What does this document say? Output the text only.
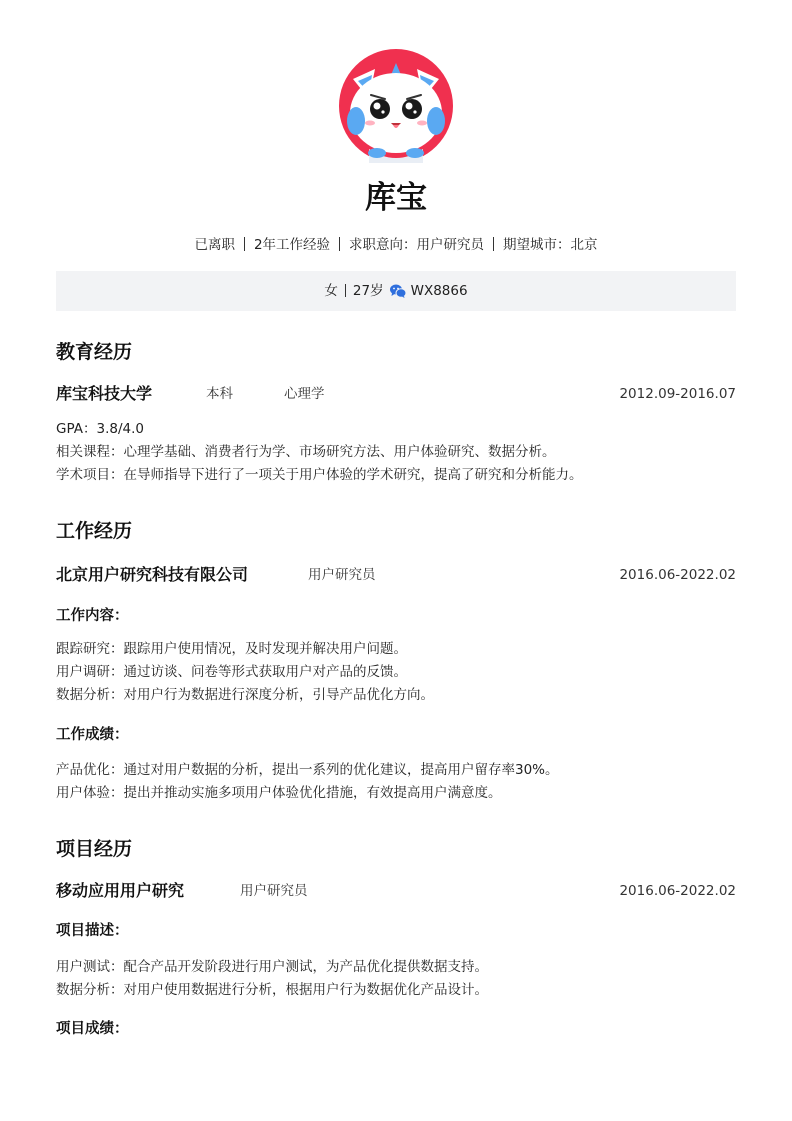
库宝
已离职 2年工作经验 求职意向：用户研究员 期望城市：北京
女 27岁 WX8866
教育经历
库宝科技大学	本科	心理学	2012.09-2016.07
GPA：3.8/4.0
相关课程：心理学基础、消费者行为学、市场研究方法、用户体验研究、数据分析。
学术项目：在导师指导下进行了一项关于用户体验的学术研究，提高了研究和分析能力。
工作经历
北京用户研究科技有限公司	用户研究员	2016.06-2022.02
工作内容：
跟踪研究：跟踪用户使用情况，及时发现并解决用户问题。
用户调研：通过访谈、问卷等形式获取用户对产品的反馈。
数据分析：对用户行为数据进行深度分析，引导产品优化方向。
工作成绩：
产品优化：通过对用户数据的分析，提出一系列的优化建议，提高用户留存率30%。
用户体验：提出并推动实施多项用户体验优化措施，有效提高用户满意度。
项目经历
移动应用用户研究	用户研究员	2016.06-2022.02
项目描述：
用户测试：配合产品开发阶段进行用户测试，为产品优化提供数据支持。
数据分析：对用户使用数据进行分析，根据用户行为数据优化产品设计。
项目成绩：
